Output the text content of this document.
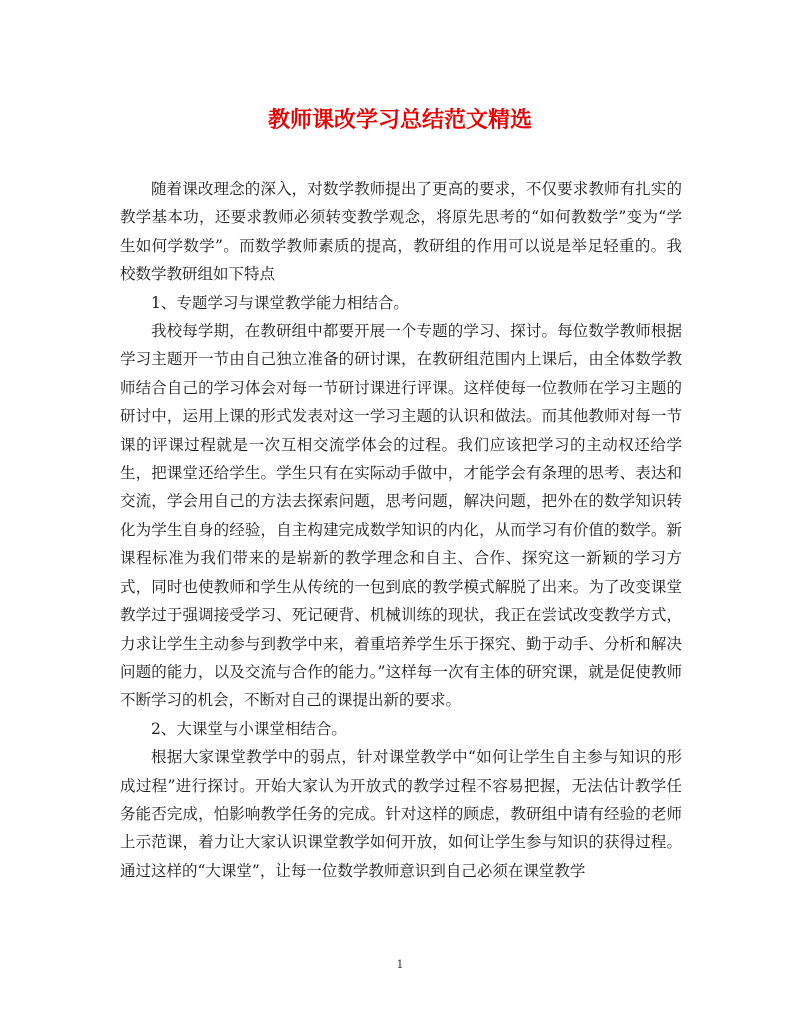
教师课改学习总结范文精选

随着课改理念的深入，对数学教师提出了更高的要求，不仅要求教师有扎实的教学基本功，还要求教师必须转变教学观念，将原先思考的“如何教数学”变为“学生如何学数学”。而数学教师素质的提高，教研组的作用可以说是举足轻重的。我校数学教研组如下特点

1、专题学习与课堂教学能力相结合。

我校每学期，在教研组中都要开展一个专题的学习、探讨。每位数学教师根据学习主题开一节由自己独立准备的研讨课，在教研组范围内上课后，由全体数学教师结合自己的学习体会对每一节研讨课进行评课。这样使每一位教师在学习主题的研讨中，运用上课的形式发表对这一学习主题的认识和做法。而其他教师对每一节课的评课过程就是一次互相交流学体会的过程。我们应该把学习的主动权还给学生，把课堂还给学生。学生只有在实际动手做中，才能学会有条理的思考、表达和交流，学会用自己的方法去探索问题，思考问题，解决问题，把外在的数学知识转化为学生自身的经验，自主构建完成数学知识的内化，从而学习有价值的数学。新课程标准为我们带来的是崭新的教学理念和自主、合作、探究这一新颖的学习方式，同时也使教师和学生从传统的一包到底的教学模式解脱了出来。为了改变课堂教学过于强调接受学习、死记硬背、机械训练的现状，我正在尝试改变教学方式，力求让学生主动参与到教学中来，着重培养学生乐于探究、勤于动手、分析和解决问题的能力，以及交流与合作的能力。”这样每一次有主体的研究课，就是促使教师不断学习的机会，不断对自己的课提出新的要求。

2、大课堂与小课堂相结合。

根据大家课堂教学中的弱点，针对课堂教学中“如何让学生自主参与知识的形成过程”进行探讨。开始大家认为开放式的教学过程不容易把握，无法估计教学任务能否完成，怕影响教学任务的完成。针对这样的顾虑，教研组中请有经验的老师上示范课，着力让大家认识课堂教学如何开放，如何让学生参与知识的获得过程。通过这样的“大课堂”，让每一位数学教师意识到自己必须在课堂教学

1
